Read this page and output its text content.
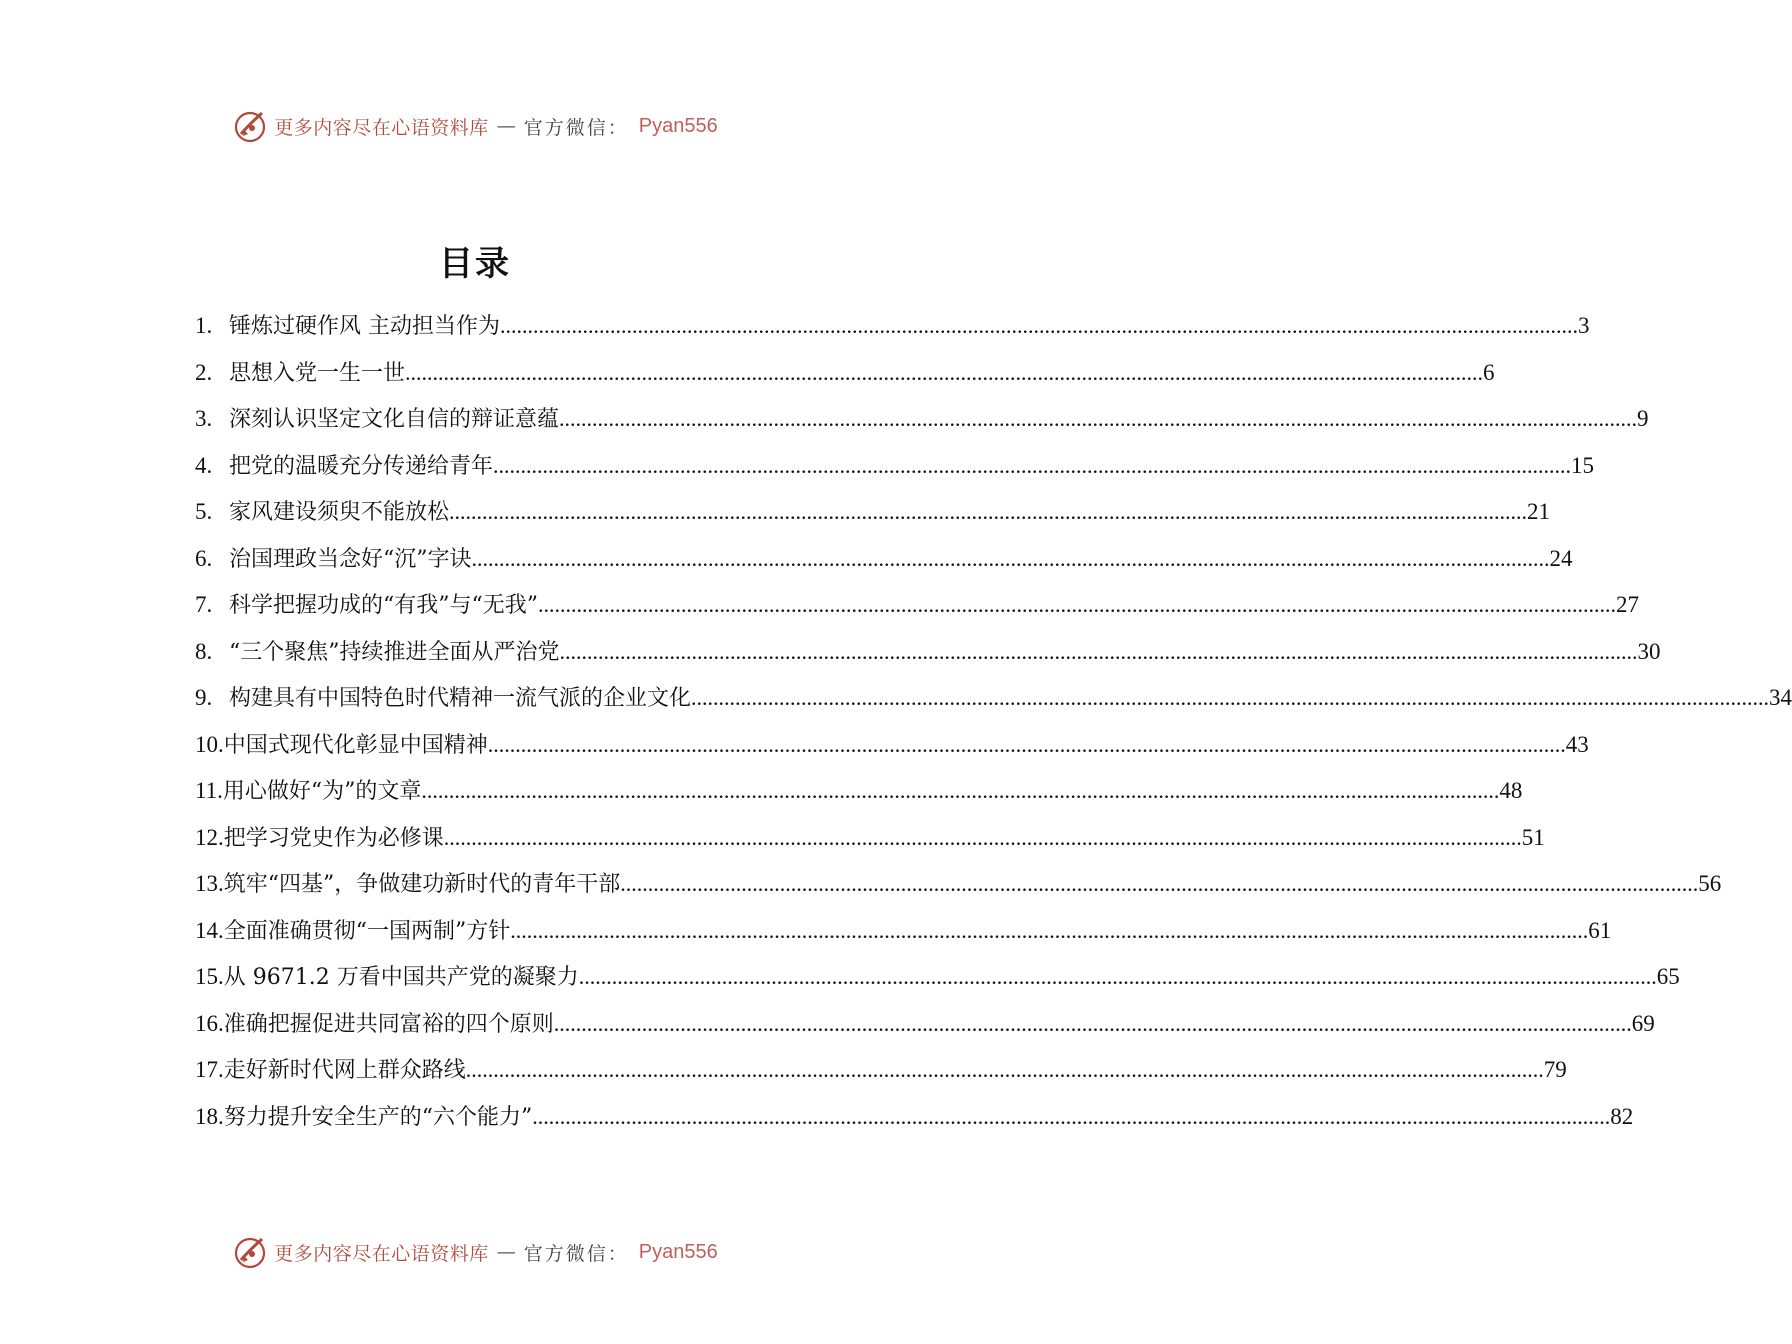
更多内容尽在心语资料库 — 官方微信： Pyan556
目录
1. 锤炼过硬作风 主动担当作为 .....	3
2. 思想入党一生一世 .....	6
3. 深刻认识坚定文化自信的辩证意蕴 .....	9
4. 把党的温暖充分传递给青年 .....	15
5. 家风建设须臾不能放松 .....	21
6. 治国理政当念好“沉”字诀 .....	24
7. 科学把握功成的“有我”与“无我” .....	27
8. “三个聚焦”持续推进全面从严治党 .....	30
9. 构建具有中国特色时代精神一流气派的企业文化 .....	34
10. 中国式现代化彰显中国精神 .....	43
11. 用心做好“为”的文章 .....	48
12. 把学习党史作为必修课 .....	51
13. 筑牢“四基”，争做建功新时代的青年干部 .....	56
14. 全面准确贯彻“一国两制”方针 .....	61
15. 从 9671.2 万看中国共产党的凝聚力 .....	65
16. 准确把握促进共同富裕的四个原则 .....	69
17. 走好新时代网上群众路线 .....	79
18. 努力提升安全生产的“六个能力” .....	82
更多内容尽在心语资料库 — 官方微信： Pyan556
